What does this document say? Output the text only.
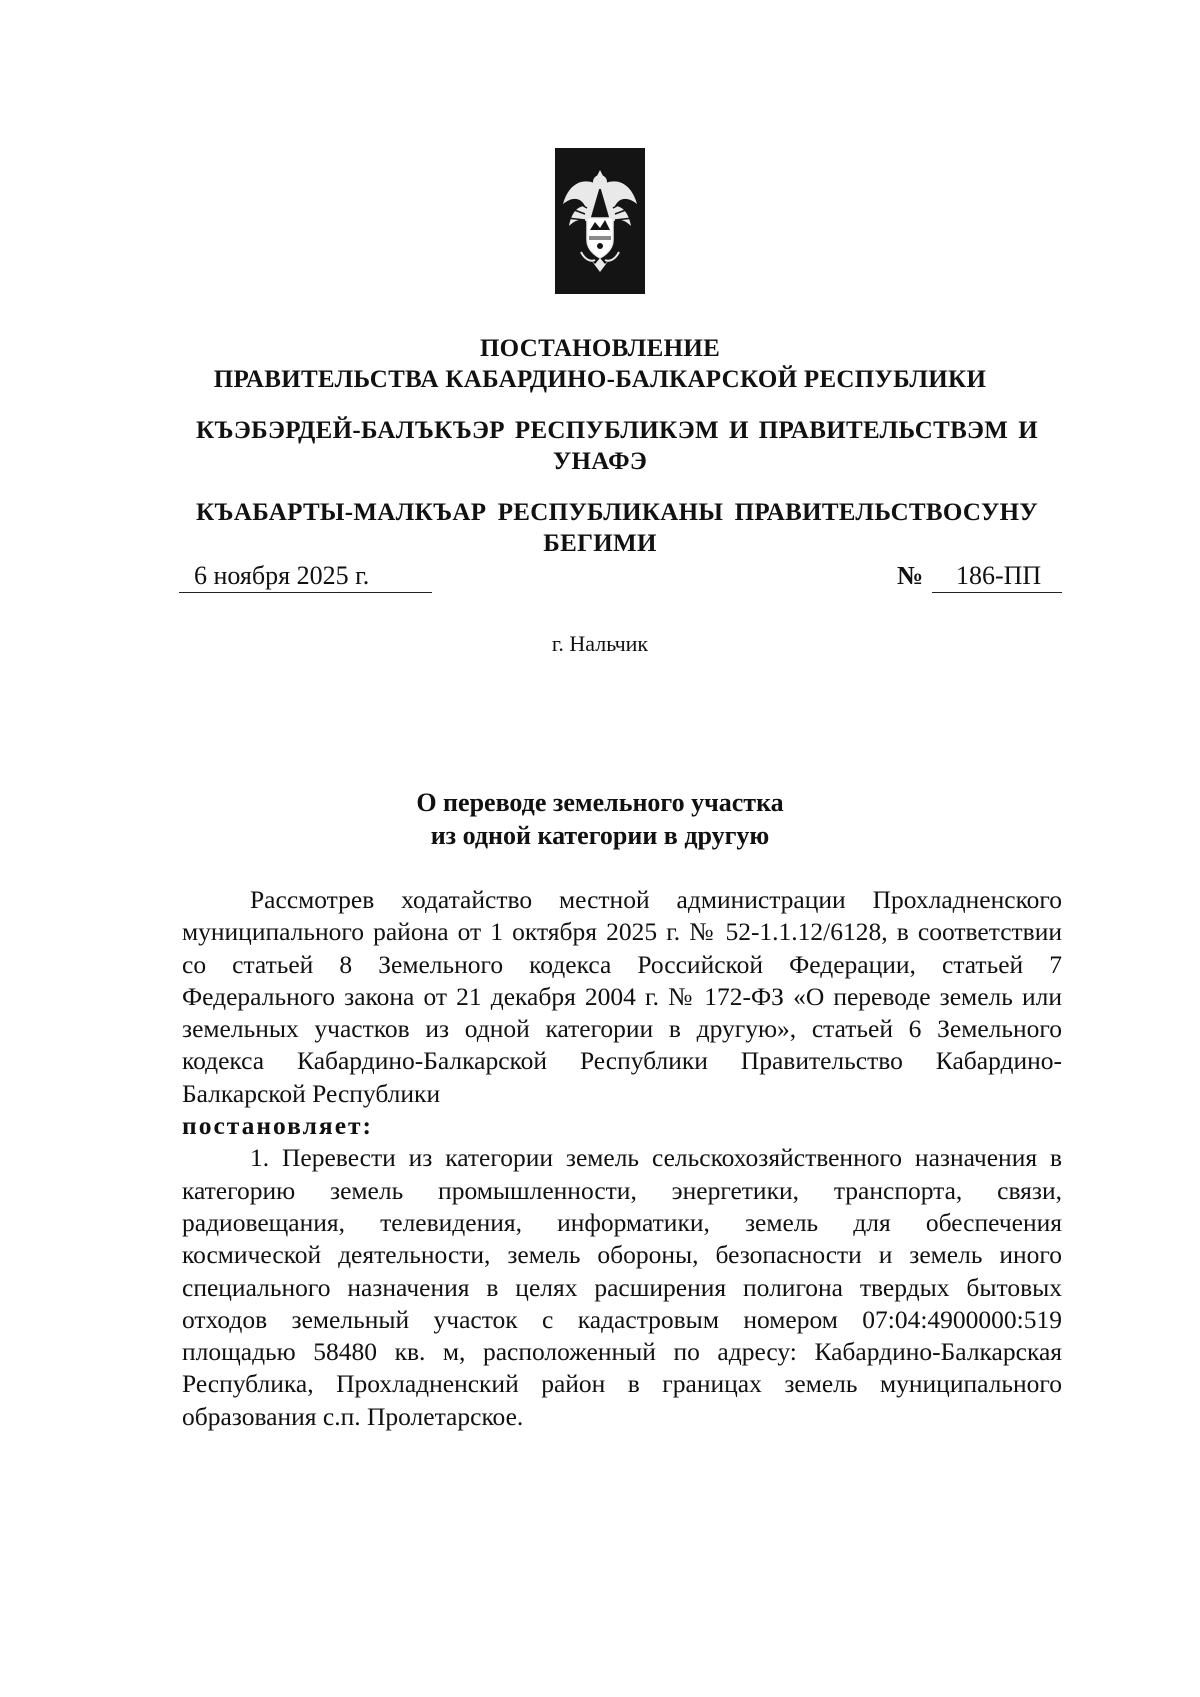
ПОСТАНОВЛЕНИЕ
ПРАВИТЕЛЬСТВА КАБАРДИНО-БАЛКАРСКОЙ РЕСПУБЛИКИ
КЪЭБЭРДЕЙ-БАЛЪКЪЭР РЕСПУБЛИКЭМ И ПРАВИТЕЛЬСТВЭМ И
УНАФЭ
КЪАБАРТЫ-МАЛКЪАР РЕСПУБЛИКАНЫ ПРАВИТЕЛЬСТВОСУНУ
БЕГИМИ
6 ноября 2025 г.	№	186-ПП
г. Нальчик
О переводе земельного участка
из одной категории в другую

Рассмотрев ходатайство местной администрации Прохладненского муниципального района от 1 октября 2025 г. № 52-1.1.12/6128, в соответствии со статьей 8 Земельного кодекса Российской Федерации, статьей 7 Федерального закона от 21 декабря 2004 г. № 172-ФЗ «О переводе земель или земельных участков из одной категории в другую», статьей 6 Земельного кодекса Кабардино-Балкарской Республики Правительство Кабардино-Балкарской Республики

постановляет:

1. Перевести из категории земель сельскохозяйственного назначения в категорию земель промышленности, энергетики, транспорта, связи, радиовещания, телевидения, информатики, земель для обеспечения космической деятельности, земель обороны, безопасности и земель иного специального назначения в целях расширения полигона твердых бытовых отходов земельный участок с кадастровым номером 07:04:4900000:519 площадью 58480 кв. м, расположенный по адресу: Кабардино-Балкарская Республика, Прохладненский район в границах земель муниципального образования с.п. Пролетарское.
